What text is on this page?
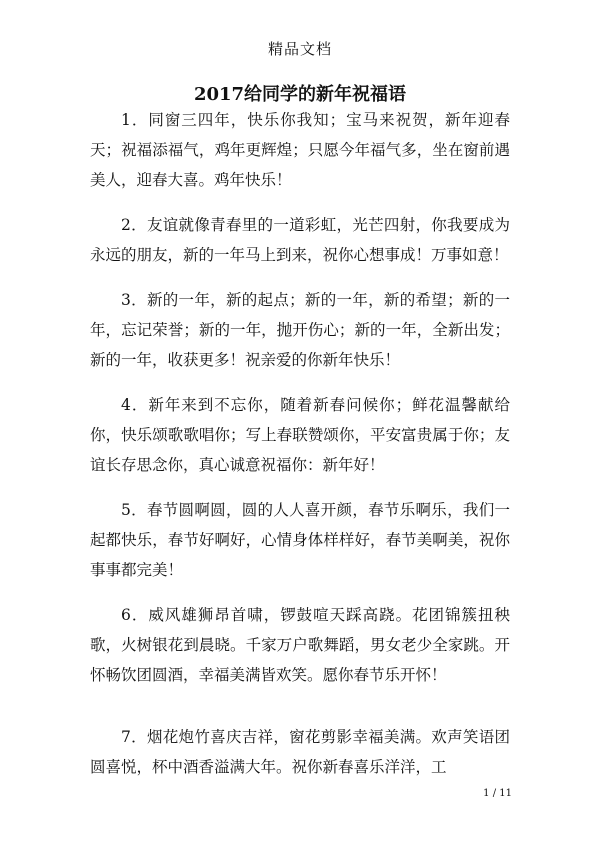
精品文档
2017给同学的新年祝福语

1．同窗三四年，快乐你我知；宝马来祝贺，新年迎春天；祝福添福气，鸡年更辉煌；只愿今年福气多，坐在窗前遇美人，迎春大喜。鸡年快乐！

2．友谊就像青春里的一道彩虹，光芒四射，你我要成为永远的朋友，新的一年马上到来，祝你心想事成！万事如意！

3．新的一年，新的起点；新的一年，新的希望；新的一年，忘记荣誉；新的一年，抛开伤心；新的一年，全新出发；新的一年，收获更多！祝亲爱的你新年快乐！

4．新年来到不忘你，随着新春问候你；鲜花温馨献给你，快乐颂歌歌唱你；写上春联赞颂你，平安富贵属于你；友谊长存思念你，真心诚意祝福你：新年好！

5．春节圆啊圆，圆的人人喜开颜，春节乐啊乐，我们一起都快乐，春节好啊好，心情身体样样好，春节美啊美，祝你事事都完美！

6．威风雄狮昂首啸，锣鼓喧天踩高跷。花团锦簇扭秧歌，火树银花到晨晓。千家万户歌舞蹈，男女老少全家跳。开怀畅饮团圆酒，幸福美满皆欢笑。愿你春节乐开怀！

7．烟花炮竹喜庆吉祥，窗花剪影幸福美满。欢声笑语团圆喜悦，杯中酒香溢满大年。祝你新春喜乐洋洋，工

1 / 11
